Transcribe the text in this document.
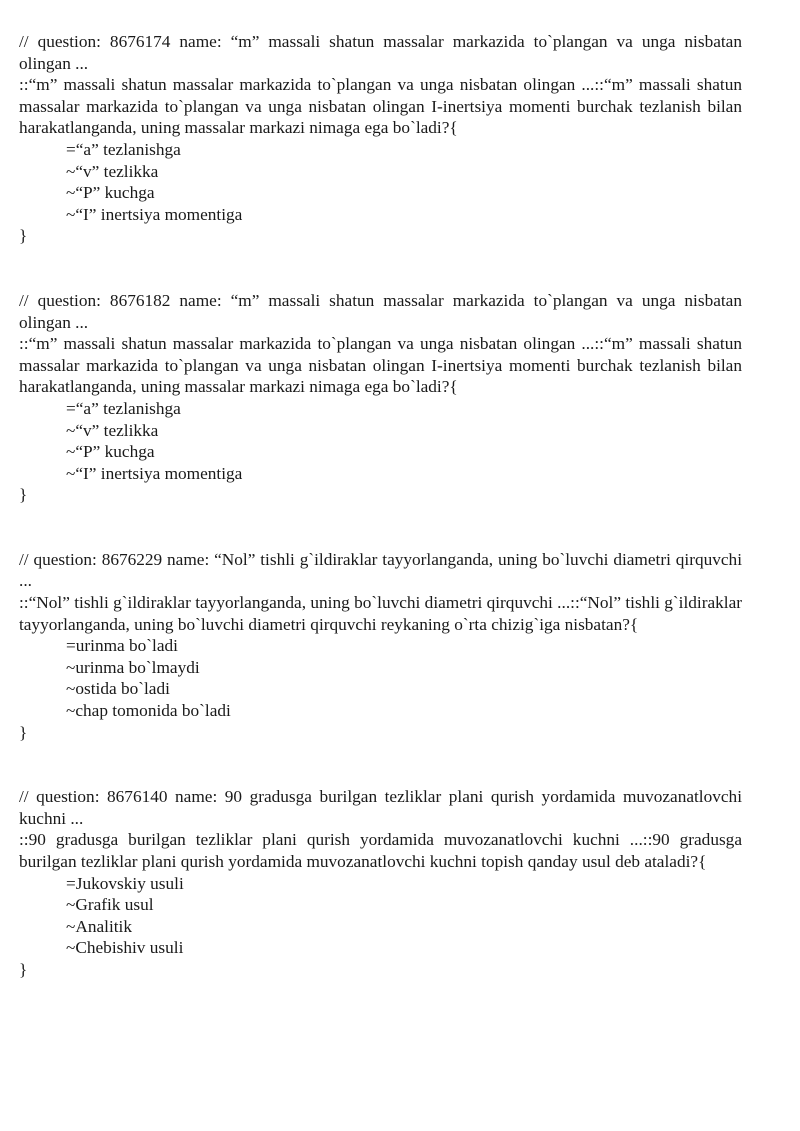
// question: 8676174 name: “m” massali shatun massalar markazida to`plangan va unga nisbatan olingan ...

::“m” massali shatun massalar markazida to`plangan va unga nisbatan olingan ...::“m” massali shatun massalar markazida to`plangan va unga nisbatan olingan I-inertsiya momenti burchak tezlanish bilan harakatlanganda, uning massalar markazi nimaga ega bo`ladi?{

=“a” tezlanishga
~“v” tezlikka
~“P” kuchga
~“I” inertsiya momentiga

}

// question: 8676182 name: “m” massali shatun massalar markazida to`plangan va unga nisbatan olingan ...

::“m” massali shatun massalar markazida to`plangan va unga nisbatan olingan ...::“m” massali shatun massalar markazida to`plangan va unga nisbatan olingan I-inertsiya momenti burchak tezlanish bilan harakatlanganda, uning massalar markazi nimaga ega bo`ladi?{

=“a” tezlanishga
~“v” tezlikka
~“P” kuchga
~“I” inertsiya momentiga

}

// question: 8676229 name: “Nol” tishli g`ildiraklar tayyorlanganda, uning bo`luvchi diametri qirquvchi ...

::“Nol” tishli g`ildiraklar tayyorlanganda, uning bo`luvchi diametri qirquvchi ...::“Nol” tishli g`ildiraklar tayyorlanganda, uning bo`luvchi diametri qirquvchi reykaning o`rta chizig`iga nisbatan?{

=urinma bo`ladi
~urinma bo`lmaydi
~ostida bo`ladi
~chap tomonida bo`ladi

}

// question: 8676140 name: 90 gradusga burilgan tezliklar plani qurish yordamida muvozanatlovchi kuchni ...

::90 gradusga burilgan tezliklar plani qurish yordamida muvozanatlovchi kuchni ...::90 gradusga burilgan tezliklar plani qurish yordamida muvozanatlovchi kuchni topish qanday usul deb ataladi?{

=Jukovskiy usuli
~Grafik usul
~Analitik
~Chebishiv usuli

}
